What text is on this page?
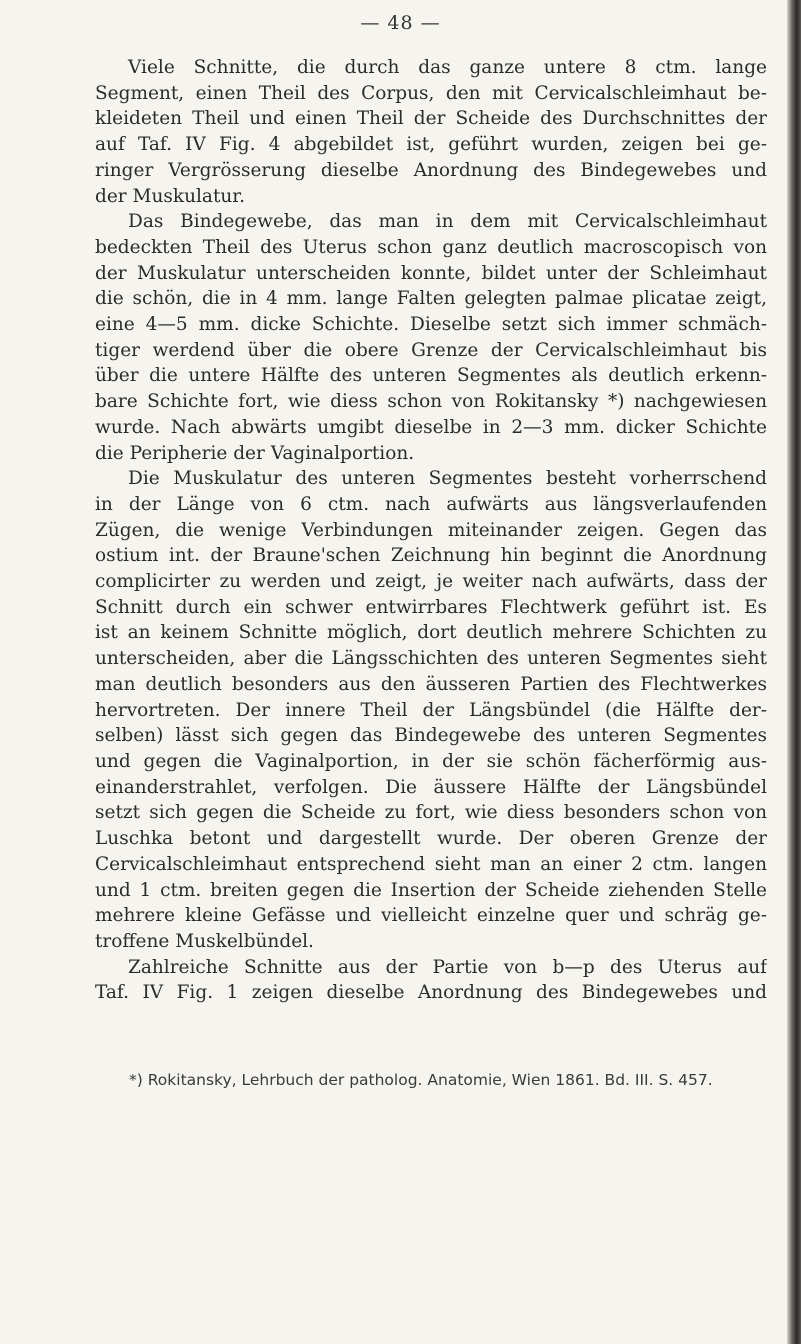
— 48 —
Viele Schnitte, die durch das ganze untere 8 ctm. lange
Segment, einen Theil des Corpus, den mit Cervicalschleimhaut be-
kleideten Theil und einen Theil der Scheide des Durchschnittes der
auf Taf. IV Fig. 4 abgebildet ist, geführt wurden, zeigen bei ge-
ringer Vergrösserung dieselbe Anordnung des Bindegewebes und
der Muskulatur.
Das Bindegewebe, das man in dem mit Cervicalschleimhaut
bedeckten Theil des Uterus schon ganz deutlich macroscopisch von
der Muskulatur unterscheiden konnte, bildet unter der Schleimhaut
die schön, die in 4 mm. lange Falten gelegten palmae plicatae zeigt,
eine 4—5 mm. dicke Schichte. Dieselbe setzt sich immer schmäch-
tiger werdend über die obere Grenze der Cervicalschleimhaut bis
über die untere Hälfte des unteren Segmentes als deutlich erkenn-
bare Schichte fort, wie diess schon von Rokitansky *) nachgewiesen
wurde. Nach abwärts umgibt dieselbe in 2—3 mm. dicker Schichte
die Peripherie der Vaginalportion.
Die Muskulatur des unteren Segmentes besteht vorherrschend
in der Länge von 6 ctm. nach aufwärts aus längsverlaufenden
Zügen, die wenige Verbindungen miteinander zeigen. Gegen das
ostium int. der Braune'schen Zeichnung hin beginnt die Anordnung
complicirter zu werden und zeigt, je weiter nach aufwärts, dass der
Schnitt durch ein schwer entwirrbares Flechtwerk geführt ist. Es
ist an keinem Schnitte möglich, dort deutlich mehrere Schichten zu
unterscheiden, aber die Längsschichten des unteren Segmentes sieht
man deutlich besonders aus den äusseren Partien des Flechtwerkes
hervortreten. Der innere Theil der Längsbündel (die Hälfte der-
selben) lässt sich gegen das Bindegewebe des unteren Segmentes
und gegen die Vaginalportion, in der sie schön fächerförmig aus-
einanderstrahlet, verfolgen. Die äussere Hälfte der Längsbündel
setzt sich gegen die Scheide zu fort, wie diess besonders schon von
Luschka betont und dargestellt wurde. Der oberen Grenze der
Cervicalschleimhaut entsprechend sieht man an einer 2 ctm. langen
und 1 ctm. breiten gegen die Insertion der Scheide ziehenden Stelle
mehrere kleine Gefässe und vielleicht einzelne quer und schräg ge-
troffene Muskelbündel.
Zahlreiche Schnitte aus der Partie von b—p des Uterus auf
Taf. IV Fig. 1 zeigen dieselbe Anordnung des Bindegewebes und
*) Rokitansky, Lehrbuch der patholog. Anatomie, Wien 1861. Bd. III. S. 457.
